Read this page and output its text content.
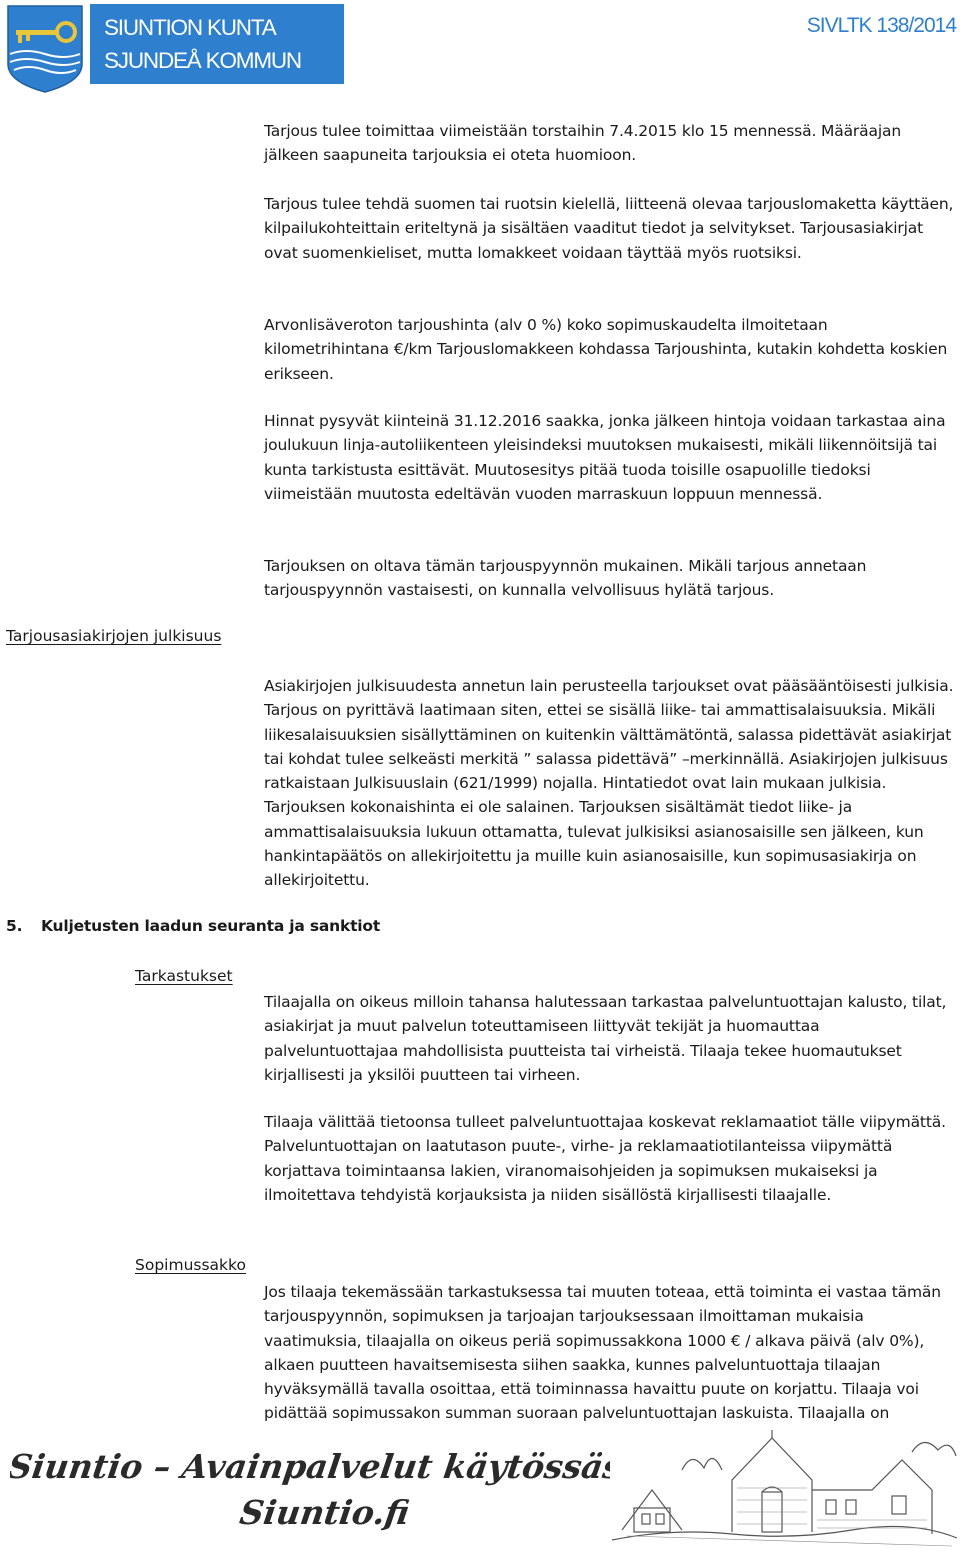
SIUNTION KUNTA
SJUNDEÅ KOMMUN
SIVLTK 138/2014

Tarjous tulee toimittaa viimeistään torstaihin 7.4.2015 klo 15 mennessä. Määräajan jälkeen saapuneita tarjouksia ei oteta huomioon.

Tarjous tulee tehdä suomen tai ruotsin kielellä, liitteenä olevaa tarjouslomaketta käyttäen, kilpailukohteittain eriteltynä ja sisältäen vaaditut tiedot ja selvitykset. Tarjousasiakirjat ovat suomenkieliset, mutta lomakkeet voidaan täyttää myös ruotsiksi.

Arvonlisäveroton tarjoushinta (alv 0 %) koko sopimuskaudelta ilmoitetaan kilometrihintana €/km Tarjouslomakkeen kohdassa Tarjoushinta, kutakin kohdetta koskien erikseen.

Hinnat pysyvät kiinteinä 31.12.2016 saakka, jonka jälkeen hintoja voidaan tarkastaa aina joulukuun linja-autoliikenteen yleisindeksi muutoksen mukaisesti, mikäli liikennöitsijä tai kunta tarkistusta esittävät. Muutosesitys pitää tuoda toisille osapuolille tiedoksi viimeistään muutosta edeltävän vuoden marraskuun loppuun mennessä.

Tarjouksen on oltava tämän tarjouspyynnön mukainen. Mikäli tarjous annetaan tarjouspyynnön vastaisesti, on kunnalla velvollisuus hylätä tarjous.

Tarjousasiakirjojen julkisuus

Asiakirjojen julkisuudesta annetun lain perusteella tarjoukset ovat pääsääntöisesti julkisia. Tarjous on pyrittävä laatimaan siten, ettei se sisällä liike- tai ammattisalaisuuksia. Mikäli liikesalaisuuksien sisällyttäminen on kuitenkin välttämätöntä, salassa pidettävät asiakirjat tai kohdat tulee selkeästi merkitä ” salassa pidettävä” –merkinnällä. Asiakirjojen julkisuus ratkaistaan Julkisuuslain (621/1999) nojalla. Hintatiedot ovat lain mukaan julkisia. Tarjouksen kokonaishinta ei ole salainen. Tarjouksen sisältämät tiedot liike- ja ammattisalaisuuksia lukuun ottamatta, tulevat julkisiksi asianosaisille sen jälkeen, kun hankintapäätös on allekirjoitettu ja muille kuin asianosaisille, kun sopimusasiakirja on allekirjoitettu.

5. Kuljetusten laadun seuranta ja sanktiot
Tarkastukset

Tilaajalla on oikeus milloin tahansa halutessaan tarkastaa palveluntuottajan kalusto, tilat, asiakirjat ja muut palvelun toteuttamiseen liittyvät tekijät ja huomauttaa palveluntuottajaa mahdollisista puutteista tai virheistä. Tilaaja tekee huomautukset kirjallisesti ja yksilöi puutteen tai virheen.

Tilaaja välittää tietoonsa tulleet palveluntuottajaa koskevat reklamaatiot tälle viipymättä. Palveluntuottajan on laatutason puute-, virhe- ja reklamaatiotilanteissa viipymättä korjattava toimintaansa lakien, viranomaisohjeiden ja sopimuksen mukaiseksi ja ilmoitettava tehdyistä korjauksista ja niiden sisällöstä kirjallisesti tilaajalle.

Sopimussakko

Jos tilaaja tekemässään tarkastuksessa tai muuten toteaa, että toiminta ei vastaa tämän tarjouspyynnön, sopimuksen ja tarjoajan tarjouksessaan ilmoittaman mukaisia vaatimuksia, tilaajalla on oikeus periä sopimussakkona 1000 € / alkava päivä (alv 0%), alkaen puutteen havaitsemisesta siihen saakka, kunnes palveluntuottaja tilaajan hyväksymällä tavalla osoittaa, että toiminnassa havaittu puute on korjattu. Tilaaja voi pidättää sopimussakon summan suoraan palveluntuottajan laskuista. Tilaajalla on

Siuntio – Avainpalvelut käytössäsi!
Siuntio.fi
